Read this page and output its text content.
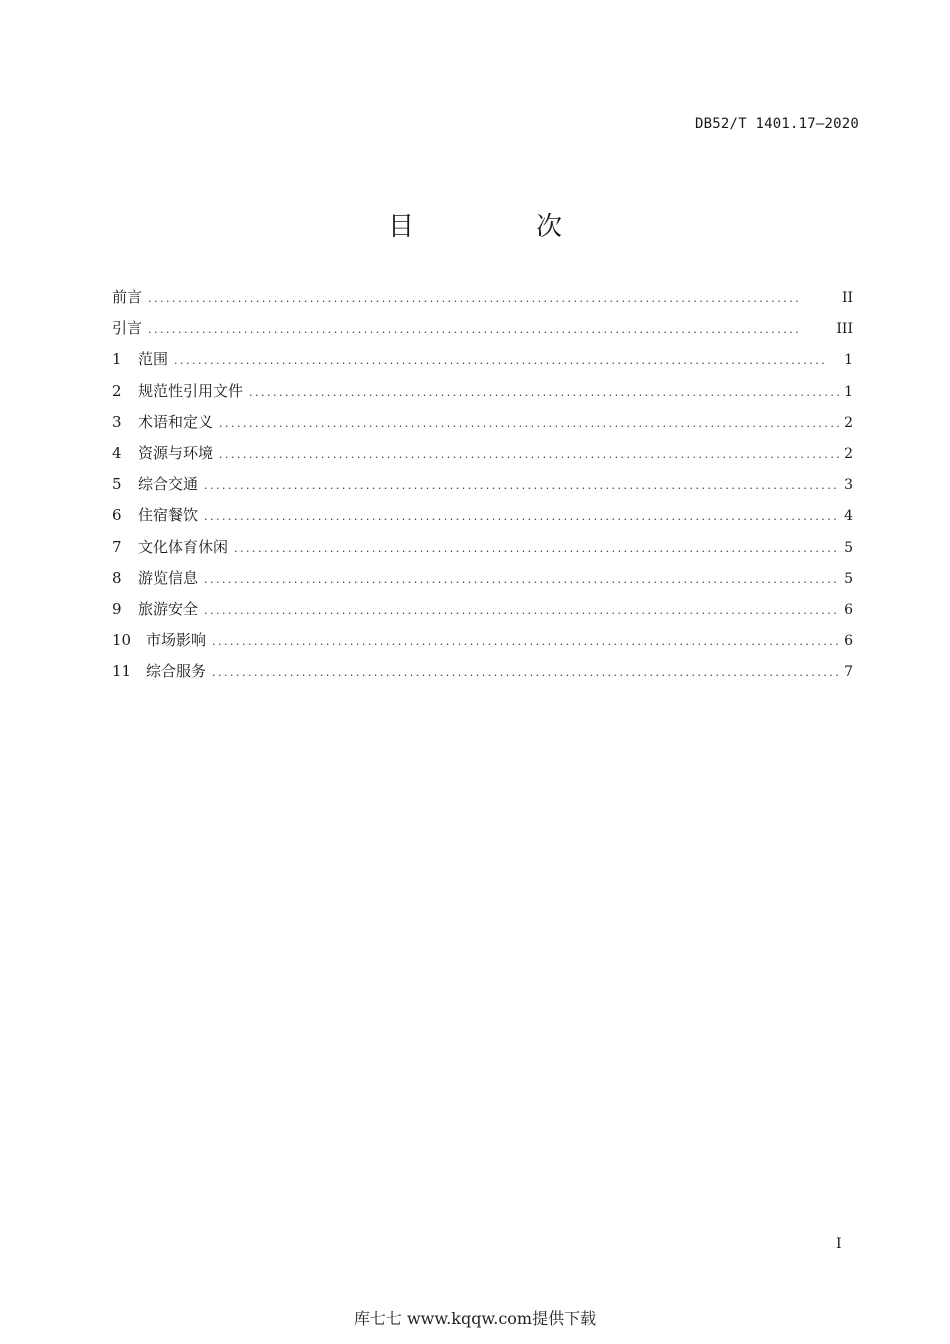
DB52/T 1401.17—2020
目　次
前言 . . .	II
引言 . . .	III
1 范围 . . .	1
2 规范性引用文件 . . .	1
3 术语和定义 . . .	2
4 资源与环境 . . .	2
5 综合交通 . . .	3
6 住宿餐饮 . . .	4
7 文化体育休闲 . . .	5
8 游览信息 . . .	5
9 旅游安全 . . .	6
10 市场影响 . . .	6
11 综合服务 . . .	7
I
库七七 www.kqqw.com提供下载
